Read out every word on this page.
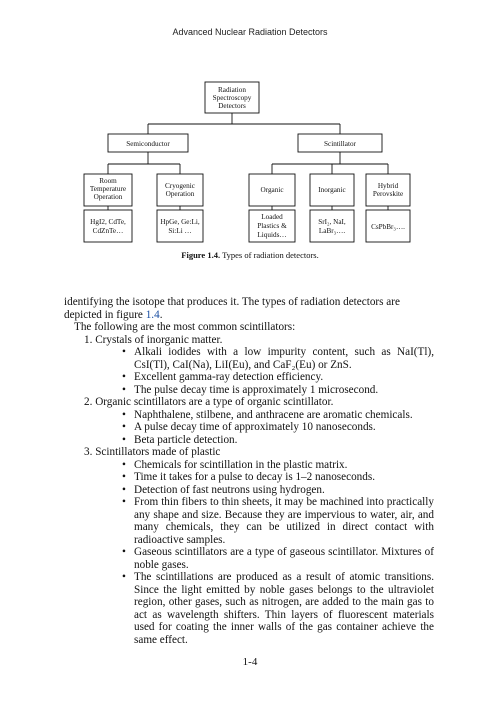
Advanced Nuclear Radiation Detectors
Radiation
Spectroscopy
Detectors
Semiconductor	Scintillator
Room
Temperature
Operation
Cryogenic
Operation	Organic	Inorganic	Hybrid
Perovskite
HgI2, CdTe,
CdZnTe…
HpGe, Ge:Li,
Si:Li …
Loaded
Plastics &
Liquids…
SrI₂, NaI,
LaBr₃….	CsPbBr₃….
Figure 1.4. Types of radiation detectors.

identifying the isotope that produces it. The types of radiation detectors are depicted in figure 1.4.

The following are the most common scintillators:

1. Crystals of inorganic matter.
• Alkali iodides with a low impurity content, such as NaI(Tl), CsI(Tl), CaI(Na), LiI(Eu), and CaF₂(Eu) or ZnS.
• Excellent gamma-ray detection efficiency.
• The pulse decay time is approximately 1 microsecond.
2. Organic scintillators are a type of organic scintillator.
• Naphthalene, stilbene, and anthracene are aromatic chemicals.
• A pulse decay time of approximately 10 nanoseconds.
• Beta particle detection.
3. Scintillators made of plastic
• Chemicals for scintillation in the plastic matrix.
• Time it takes for a pulse to decay is 1–2 nanoseconds.
• Detection of fast neutrons using hydrogen.
• From thin fibers to thin sheets, it may be machined into practically any shape and size. Because they are impervious to water, air, and many chemicals, they can be utilized in direct contact with radioactive samples.
• Gaseous scintillators are a type of gaseous scintillator. Mixtures of noble gases.
• The scintillations are produced as a result of atomic transitions. Since the light emitted by noble gases belongs to the ultraviolet region, other gases, such as nitrogen, are added to the main gas to act as wavelength shifters. Thin layers of fluorescent materials used for coating the inner walls of the gas container achieve the same effect.
1-4
